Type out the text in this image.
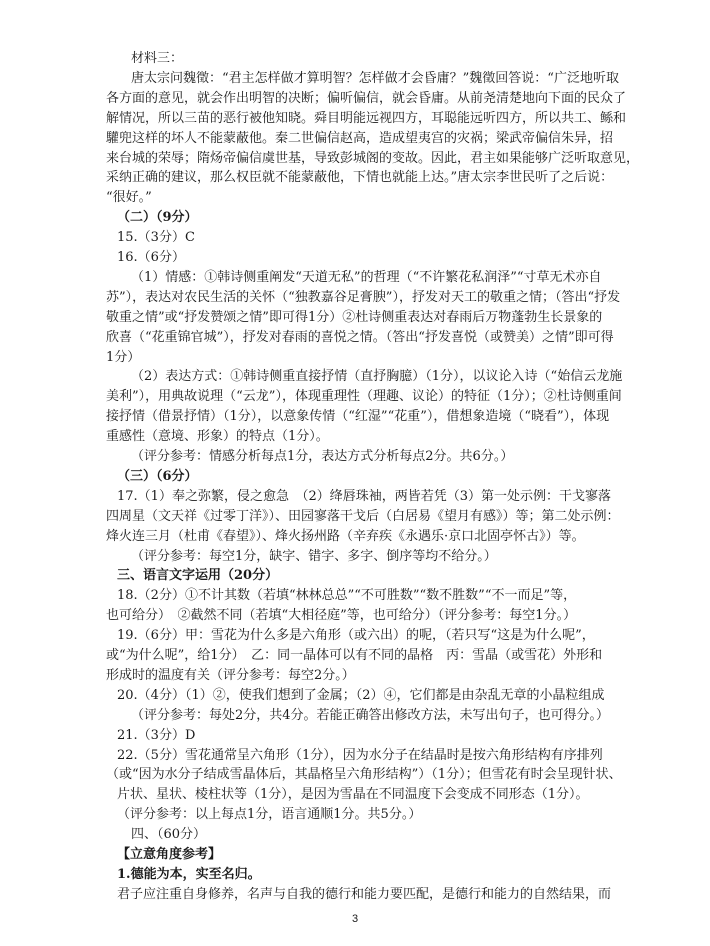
材料三：
唐太宗问魏徵：“君主怎样做才算明智？怎样做才会昏庸？”魏徵回答说：“广泛地听取
各方面的意见，就会作出明智的决断；偏听偏信，就会昏庸。从前尧清楚地向下面的民众了
解情况，所以三苗的恶行被他知晓。舜目明能远视四方，耳聪能远听四方，所以共工、鲧和
驩兜这样的坏人不能蒙蔽他。秦二世偏信赵高，造成望夷宫的灾祸；梁武帝偏信朱异，招
来台城的荣辱；隋炀帝偏信虞世基，导致彭城阁的变故。因此，君主如果能够广泛听取意见，
采纳正确的建议，那么权臣就不能蒙蔽他，下情也就能上达。”唐太宗李世民听了之后说：
“很好。”
（二）（9分）
15.（3分）C
16.（6分）
（1）情感：①韩诗侧重阐发“天道无私”的哲理（“不许繁花私润泽”“寸草无术亦自
苏”），表达对农民生活的关怀（“独教嘉谷足膏腴”），抒发对天工的敬重之情；（答出“抒发
敬重之情”或“抒发赞颂之情”即可得1分）②杜诗侧重表达对春雨后万物蓬勃生长景象的
欣喜（“花重锦官城”），抒发对春雨的喜悦之情。（答出“抒发喜悦（或赞美）之情”即可得
1分）
（2）表达方式：①韩诗侧重直接抒情（直抒胸臆）（1分），以议论入诗（“始信云龙施
美利”），用典故说理（“云龙”），体现重理性（理趣、议论）的特征（1分）；②杜诗侧重间
接抒情（借景抒情）（1分），以意象传情（“红湿”“花重”），借想象造境（“晓看”），体现
重感性（意境、形象）的特点（1分）。
（评分参考：情感分析每点1分，表达方式分析每点2分。共6分。）
（三）（6分）
17.（1）奉之弥繁，侵之愈急　（2）绛唇珠袖，两皆若凭（3）第一处示例：干戈寥落
四周星（文天祥《过零丁洋》）、田园寥落干戈后（白居易《望月有感》）等；第二处示例：
烽火连三月（杜甫《春望》）、烽火扬州路（辛弃疾《永遇乐·京口北固亭怀古》）等。
（评分参考：每空1分，缺字、错字、多字、倒序等均不给分。）
三、语言文字运用（20分）
18.（2分）①不计其数（若填“林林总总”“不可胜数”“数不胜数”“不一而足”等，
也可给分）　②截然不同（若填“大相径庭”等，也可给分）（评分参考：每空1分。）
19.（6分）甲：雪花为什么多是六角形（或六出）的呢，（若只写“这是为什么呢”，
或“为什么呢”，给1分）　乙：同一晶体可以有不同的晶格　丙：雪晶（或雪花）外形和
形成时的温度有关（评分参考：每空2分。）
20.（4分）（1）②，使我们想到了金属；（2）④，它们都是由杂乱无章的小晶粒组成
（评分参考：每处2分，共4分。若能正确答出修改方法，未写出句子，也可得分。）
21.（3分）D
22.（5分）雪花通常呈六角形（1分），因为水分子在结晶时是按六角形结构有序排列
（或“因为水分子结成雪晶体后，其晶格呈六角形结构”）（1分）；但雪花有时会呈现针状、
片状、星状、棱柱状等（1分），是因为雪晶在不同温度下会变成不同形态（1分）。
（评分参考：以上每点1分，语言通顺1分。共5分。）
四、（60分）
【立意角度参考】
1.德能为本，实至名归。
君子应注重自身修养，名声与自我的德行和能力要匹配，是德行和能力的自然结果，而
3
